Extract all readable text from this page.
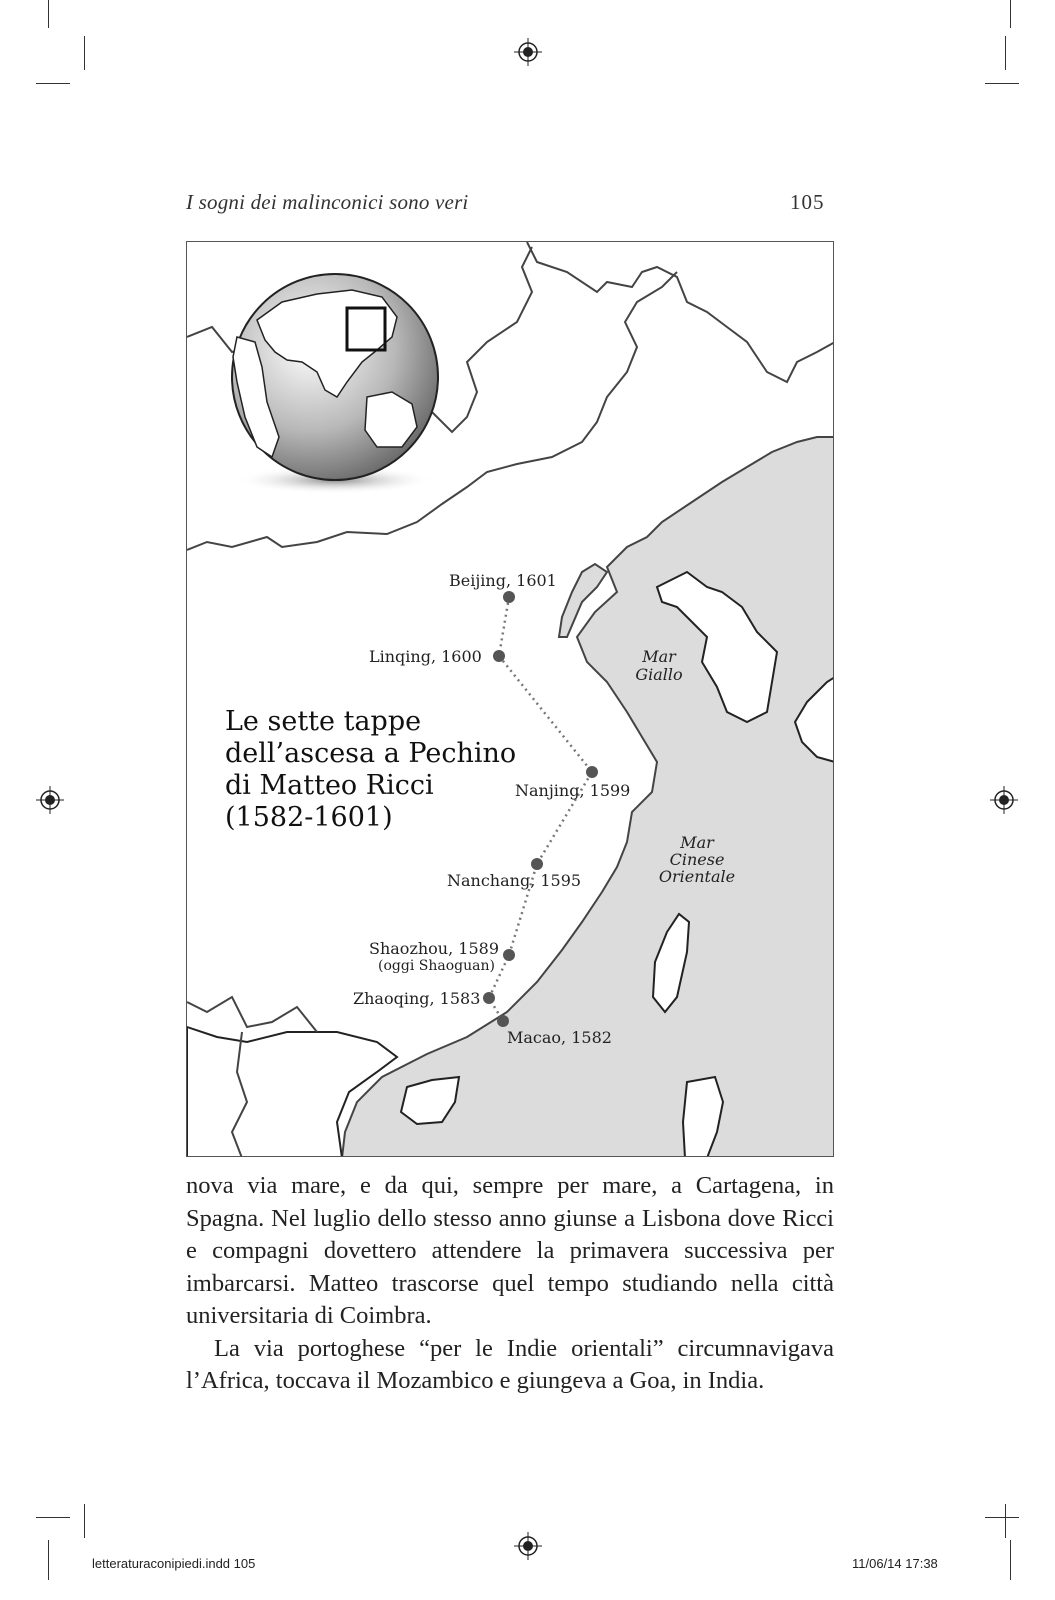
I sogni dei malinconici sono veri	105
Beijing, 1601
Linqing, 1600
Nanjing, 1599
Nanchang, 1595
Shaozhou, 1589
(oggi Shaoguan)
Zhaoqing, 1583
Macao, 1582
Mar
Giallo
Mar
Cinese
Orientale
Le sette tappe
dell’ascesa a Pechino
di Matteo Ricci
(1582-1601)

nova via mare, e da qui, sempre per mare, a Cartagena, in Spagna. Nel luglio dello stesso anno giunse a Lisbona dove Ricci e compagni dovettero attendere la primavera successiva per imbarcarsi. Matteo trascorse quel tempo studiando nella città universitaria di Coimbra.

La via portoghese “per le Indie orientali” circumnavigava l’Africa, toccava il Mozambico e giungeva a Goa, in India.

letteraturaconipiedi.indd 105	11/06/14 17:38
